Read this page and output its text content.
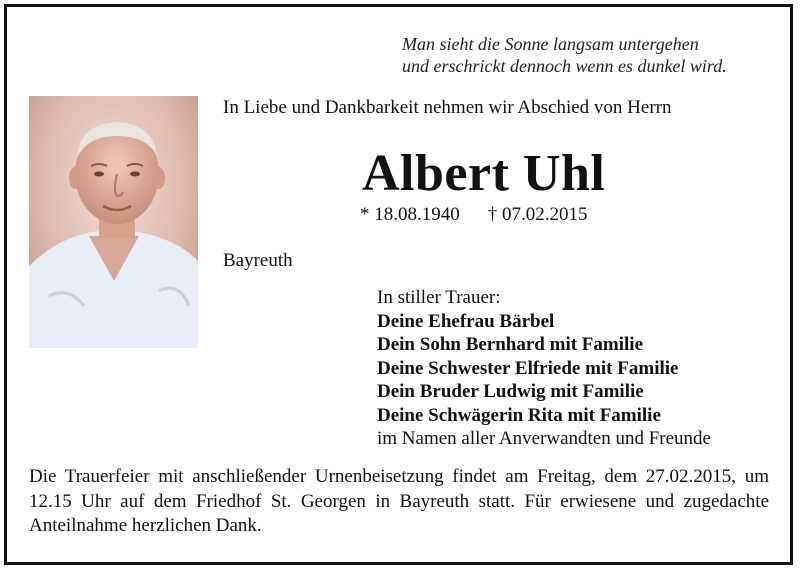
Man sieht die Sonne langsam untergehen
und erschrickt dennoch wenn es dunkel wird.
In Liebe und Dankbarkeit nehmen wir Abschied von Herrn
Albert Uhl
* 18.08.1940 † 07.02.2015
Bayreuth
In stiller Trauer:
Deine Ehefrau Bärbel
Dein Sohn Bernhard mit Familie
Deine Schwester Elfriede mit Familie
Dein Bruder Ludwig mit Familie
Deine Schwägerin Rita mit Familie
im Namen aller Anverwandten und Freunde
Die Trauerfeier mit anschließender Urnenbeisetzung findet am Freitag, dem 27.02.2015, um 12.15 Uhr auf dem Friedhof St. Georgen in Bayreuth statt. Für erwiesene und zugedachte Anteilnahme herzlichen Dank.
